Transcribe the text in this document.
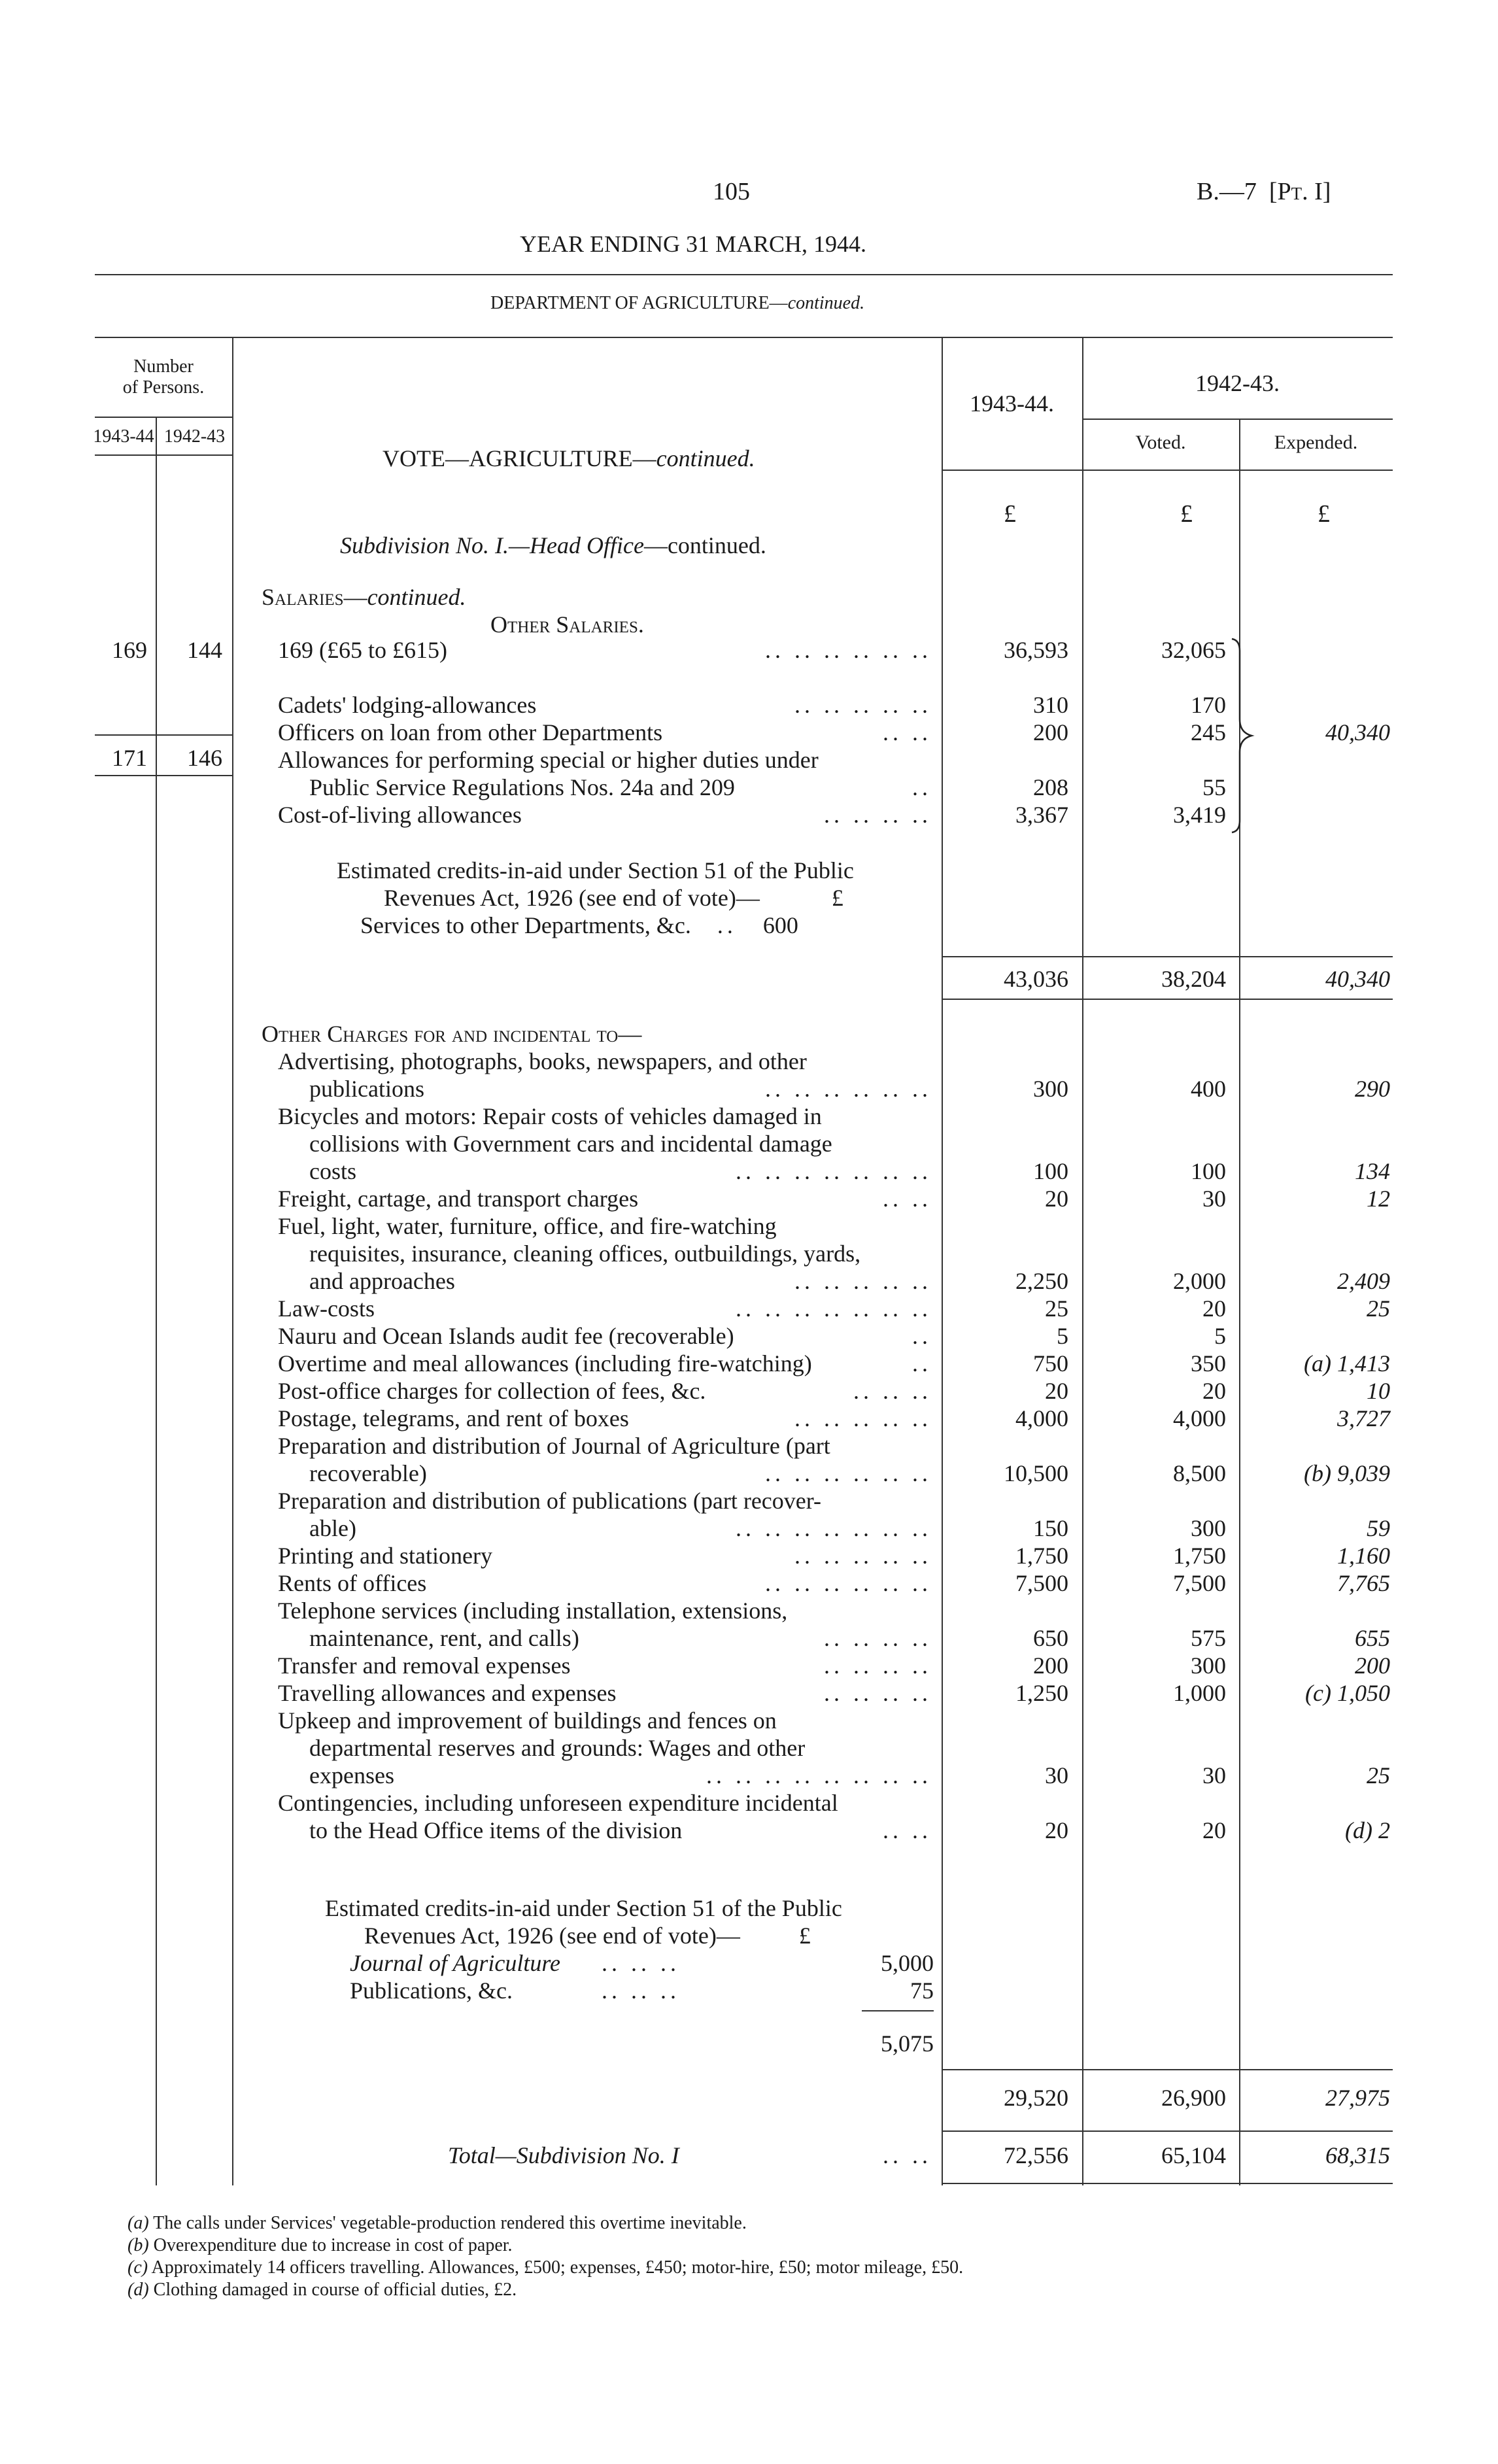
105	B.—7 [Pt. I]
YEAR ENDING 31 MARCH, 1944.
DEPARTMENT OF AGRICULTURE—continued.
Number
of Persons.
1943-44 1942-43
VOTE—AGRICULTURE—continued.
1943-44.
1942-43.
Voted.	Expended.
£	£	£
Subdivision No. I.—Head Office—continued.
Salaries—continued.
Other Salaries.
169	144
171	146
169 (£65 to £615)	.. .. .. .. .. ..	36,593	32,065
Cadets' lodging-allowances	.. .. .. .. ..	310	170
Officers on loan from other Departments	.. ..	200	245
Allowances for performing special or higher duties under
Public Service Regulations Nos. 24a and 209	..	208	55
Cost-of-living allowances	.. .. .. ..	3,367	3,419
40,340
Estimated credits-in-aid under Section 51 of the Public
Revenues Act, 1926 (see end of vote)—	£
Services to other Departments, &c. .. 600
43,036	38,204	40,340
Other Charges for and incidental to—
Advertising, photographs, books, newspapers, and other
publications	.. .. .. .. .. ..	300	400	290
Bicycles and motors: Repair costs of vehicles damaged in
collisions with Government cars and incidental damage
costs	.. .. .. .. .. .. ..	100	100	134
Freight, cartage, and transport charges	.. ..	20	30	12
Fuel, light, water, furniture, office, and fire-watching
requisites, insurance, cleaning offices, outbuildings, yards,
and approaches	.. .. .. .. ..	2,250	2,000	2,409
Law-costs	.. .. .. .. .. .. ..	25	20	25
Nauru and Ocean Islands audit fee (recoverable)	..	5	5
Overtime and meal allowances (including fire-watching)	..	750	350	(a) 1,413
Post-office charges for collection of fees, &c.	.. .. ..	20	20	10
Postage, telegrams, and rent of boxes	.. .. .. .. ..	4,000	4,000	3,727
Preparation and distribution of Journal of Agriculture (part
recoverable)	.. .. .. .. .. ..	10,500	8,500	(b) 9,039
Preparation and distribution of publications (part recover-
able)	.. .. .. .. .. .. ..	150	300	59
Printing and stationery	.. .. .. .. ..	1,750	1,750	1,160
Rents of offices	.. .. .. .. .. ..	7,500	7,500	7,765
Telephone services (including installation, extensions,
maintenance, rent, and calls)	.. .. .. ..	650	575	655
Transfer and removal expenses	.. .. .. ..	200	300	200
Travelling allowances and expenses	.. .. .. ..	1,250	1,000	(c) 1,050
Upkeep and improvement of buildings and fences on
departmental reserves and grounds: Wages and other
expenses	.. .. .. .. .. .. .. ..	30	30	25
Contingencies, including unforeseen expenditure incidental
to the Head Office items of the division	.. ..	20	20	(d) 2
Estimated credits-in-aid under Section 51 of the Public
Revenues Act, 1926 (see end of vote)—	£
Journal of Agriculture .. .. ..	5,000
Publications, &c.	.. .. ..	75
5,075
29,520	26,900	27,975
Total—Subdivision No. I	.. ..	72,556	65,104	68,315
(a) The calls under Services' vegetable-production rendered this overtime inevitable.
(b) Overexpenditure due to increase in cost of paper.
(c) Approximately 14 officers travelling. Allowances, £500; expenses, £450; motor-hire, £50; motor mileage, £50.
(d) Clothing damaged in course of official duties, £2.
